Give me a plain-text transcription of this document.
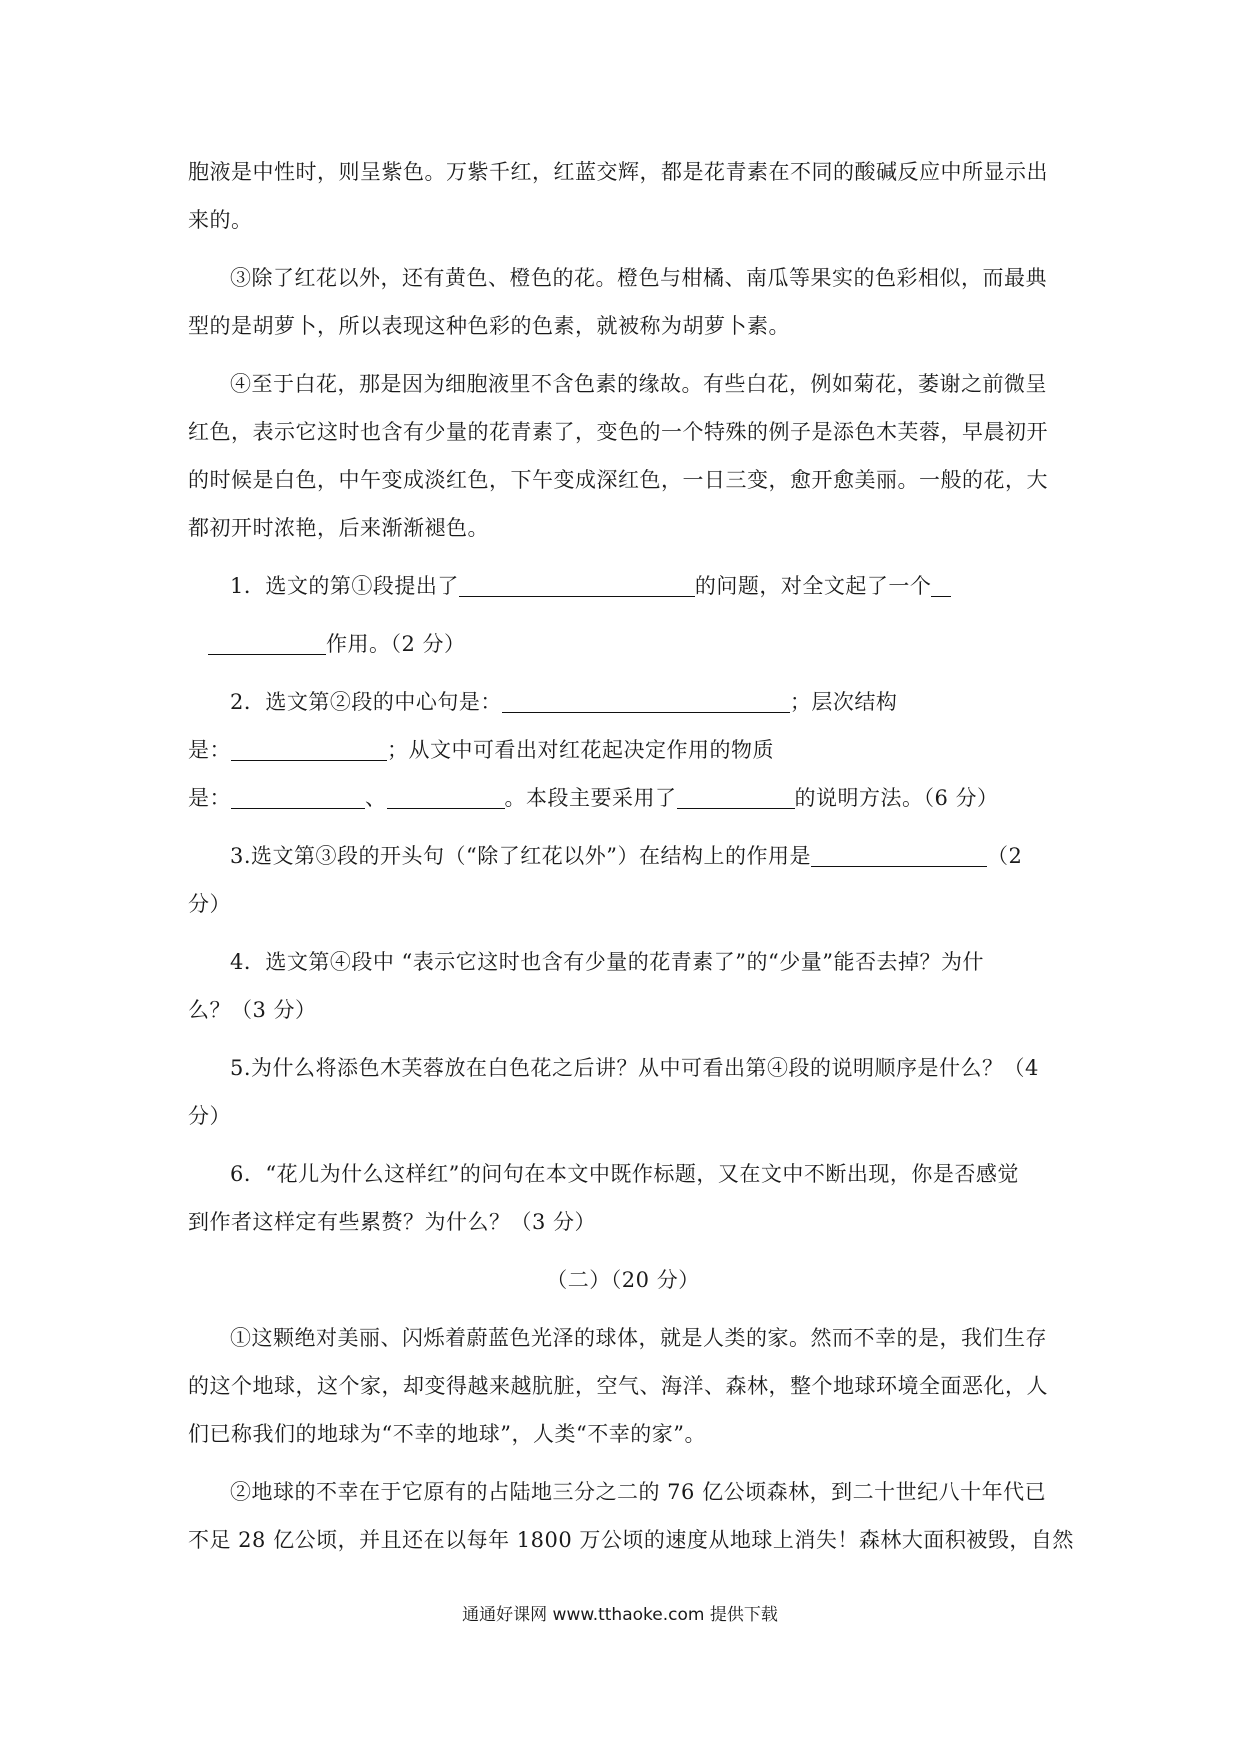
胞液是中性时，则呈紫色。万紫千红，红蓝交辉，都是花青素在不同的酸碱反应中所显示出
来的。
③除了红花以外，还有黄色、橙色的花。橙色与柑橘、南瓜等果实的色彩相似，而最典
型的是胡萝卜，所以表现这种色彩的色素，就被称为胡萝卜素。
④至于白花，那是因为细胞液里不含色素的缘故。有些白花，例如菊花，萎谢之前微呈
红色，表示它这时也含有少量的花青素了，变色的一个特殊的例子是添色木芙蓉，早晨初开
的时候是白色，中午变成淡红色，下午变成深红色，一日三变，愈开愈美丽。一般的花，大
都初开时浓艳，后来渐渐褪色。
1．选文的第①段提出了	的问题，对全文起了一个
作用。（2 分）
2．选文第②段的中心句是：	；层次结构
是：	；从文中可看出对红花起决定作用的物质
是：	、	。本段主要采用了	的说明方法。（6 分）
3.选文第③段的开头句（“除了红花以外”）在结构上的作用是	（2
分）
4．选文第④段中 “表示它这时也含有少量的花青素了”的“少量”能否去掉？为什
么？（3 分）
5.为什么将添色木芙蓉放在白色花之后讲？从中可看出第④段的说明顺序是什么？（4
分）
6．“花儿为什么这样红”的问句在本文中既作标题，又在文中不断出现，你是否感觉
到作者这样定有些累赘？为什么？（3 分）
（二）（20 分）
①这颗绝对美丽、闪烁着蔚蓝色光泽的球体，就是人类的家。然而不幸的是，我们生存
的这个地球，这个家，却变得越来越肮脏，空气、海洋、森林，整个地球环境全面恶化，人
们已称我们的地球为“不幸的地球”，人类“不幸的家”。
②地球的不幸在于它原有的占陆地三分之二的 76 亿公顷森林，到二十世纪八十年代已
不足 28 亿公顷，并且还在以每年 1800 万公顷的速度从地球上消失！森林大面积被毁，自然
通通好课网 www.tthaoke.com 提供下载
